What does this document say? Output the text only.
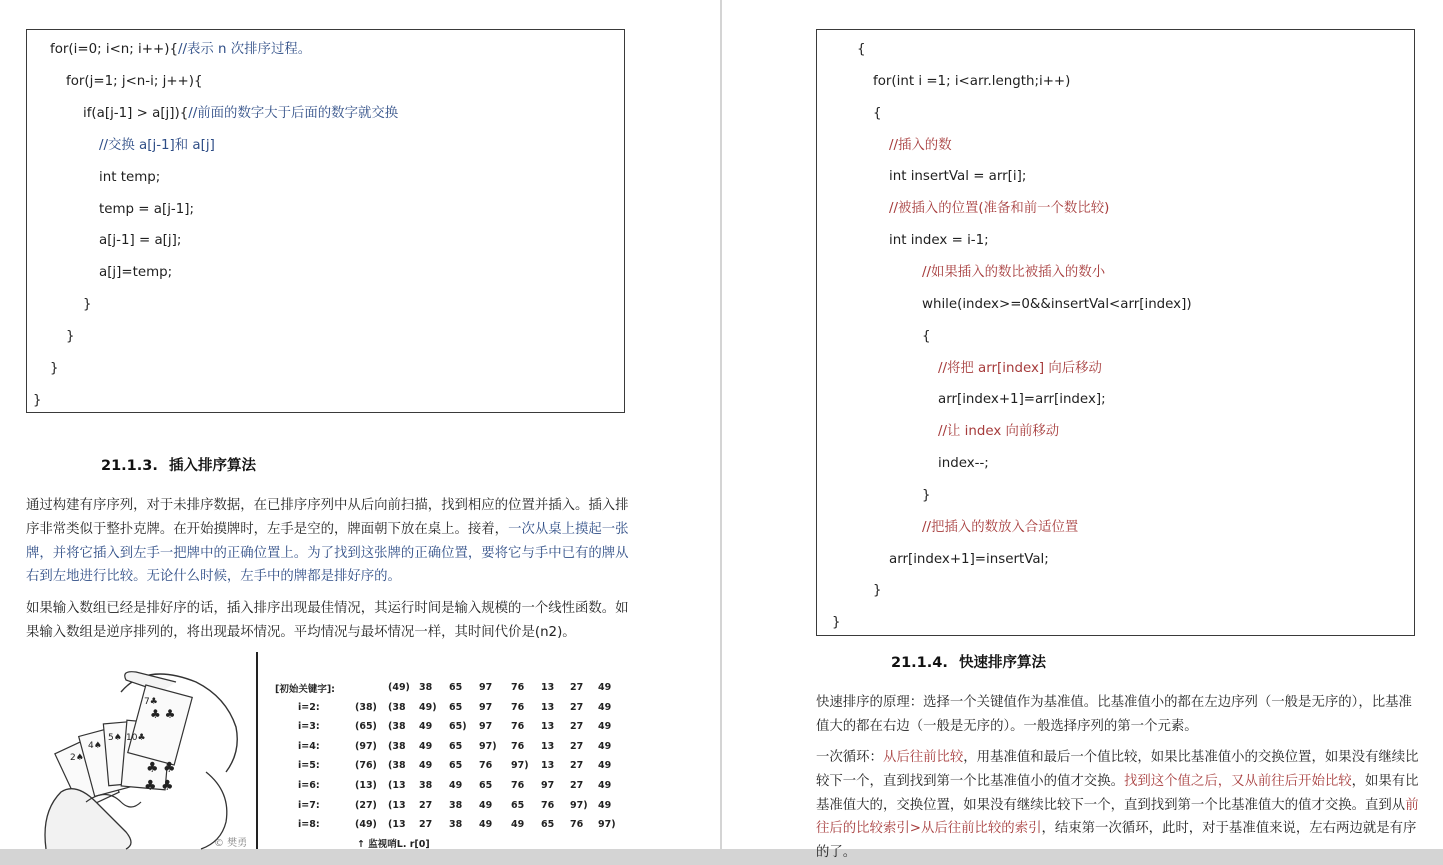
for(i=0; i<n; i++){//表示 n 次排序过程。
for(j=1; j<n-i; j++){
if(a[j-1] > a[j]){//前面的数字大于后面的数字就交换
//交换 a[j-1]和 a[j]
int temp;
temp = a[j-1];
a[j-1] = a[j];
a[j]=temp;
}
}
}
}
21.1.3. 插入排序算法
通过构建有序序列，对于未排序数据，在已排序序列中从后向前扫描，找到相应的位置并插入。插入排序非常类似于整扑克牌。在开始摸牌时，左手是空的，牌面朝下放在桌上。接着，一次从桌上摸起一张牌，并将它插入到左手一把牌中的正确位置上。为了找到这张牌的正确位置，要将它与手中已有的牌从右到左地进行比较。无论什么时候，左手中的牌都是排好序的。
如果输入数组已经是排好序的话，插入排序出现最佳情况，其运行时间是输入规模的一个线性函数。如果输入数组是逆序排列的，将出现最坏情况。平均情况与最坏情况一样，其时间代价是(n2)。
2♠
4♠
5♠ 10♣
7♣
♣ ♣
♣ ♣
♣ ♣
© 樊勇
[初始关键字]:	(49) 38 65 97 76 13 27 49
i=2:	(38) (38 49) 65 97 76 13 27 49
i=3:	(65) (38 49 65) 97 76 13 27 49
i=4:	(97) (38 49 65 97) 76 13 27 49
i=5:	(76) (38 49 65 76 97) 13 27 49
i=6:	(13) (13 38 49 65 76 97 27 49
i=7:	(27) (13 27 38 49 65 76 97) 49
i=8:	(49) (13 27 38 49 49 65 76 97)
↑ 监视哨L. r[0]
{
for(int i =1; i<arr.length;i++)
{
//插入的数
int insertVal = arr[i];
//被插入的位置(准备和前一个数比较)
int index = i-1;
//如果插入的数比被插入的数小
while(index>=0&&insertVal<arr[index])
{
//将把 arr[index] 向后移动
arr[index+1]=arr[index];
//让 index 向前移动
index--;
}
//把插入的数放入合适位置
arr[index+1]=insertVal;
}
}
21.1.4. 快速排序算法
快速排序的原理：选择一个关键值作为基准值。比基准值小的都在左边序列（一般是无序的），比基准值大的都在右边（一般是无序的）。一般选择序列的第一个元素。
一次循环：从后往前比较，用基准值和最后一个值比较，如果比基准值小的交换位置，如果没有继续比较下一个，直到找到第一个比基准值小的值才交换。找到这个值之后，又从前往后开始比较，如果有比基准值大的，交换位置，如果没有继续比较下一个，直到找到第一个比基准值大的值才交换。直到从前往后的比较索引>从后往前比较的索引，结束第一次循环，此时，对于基准值来说，左右两边就是有序的了。
